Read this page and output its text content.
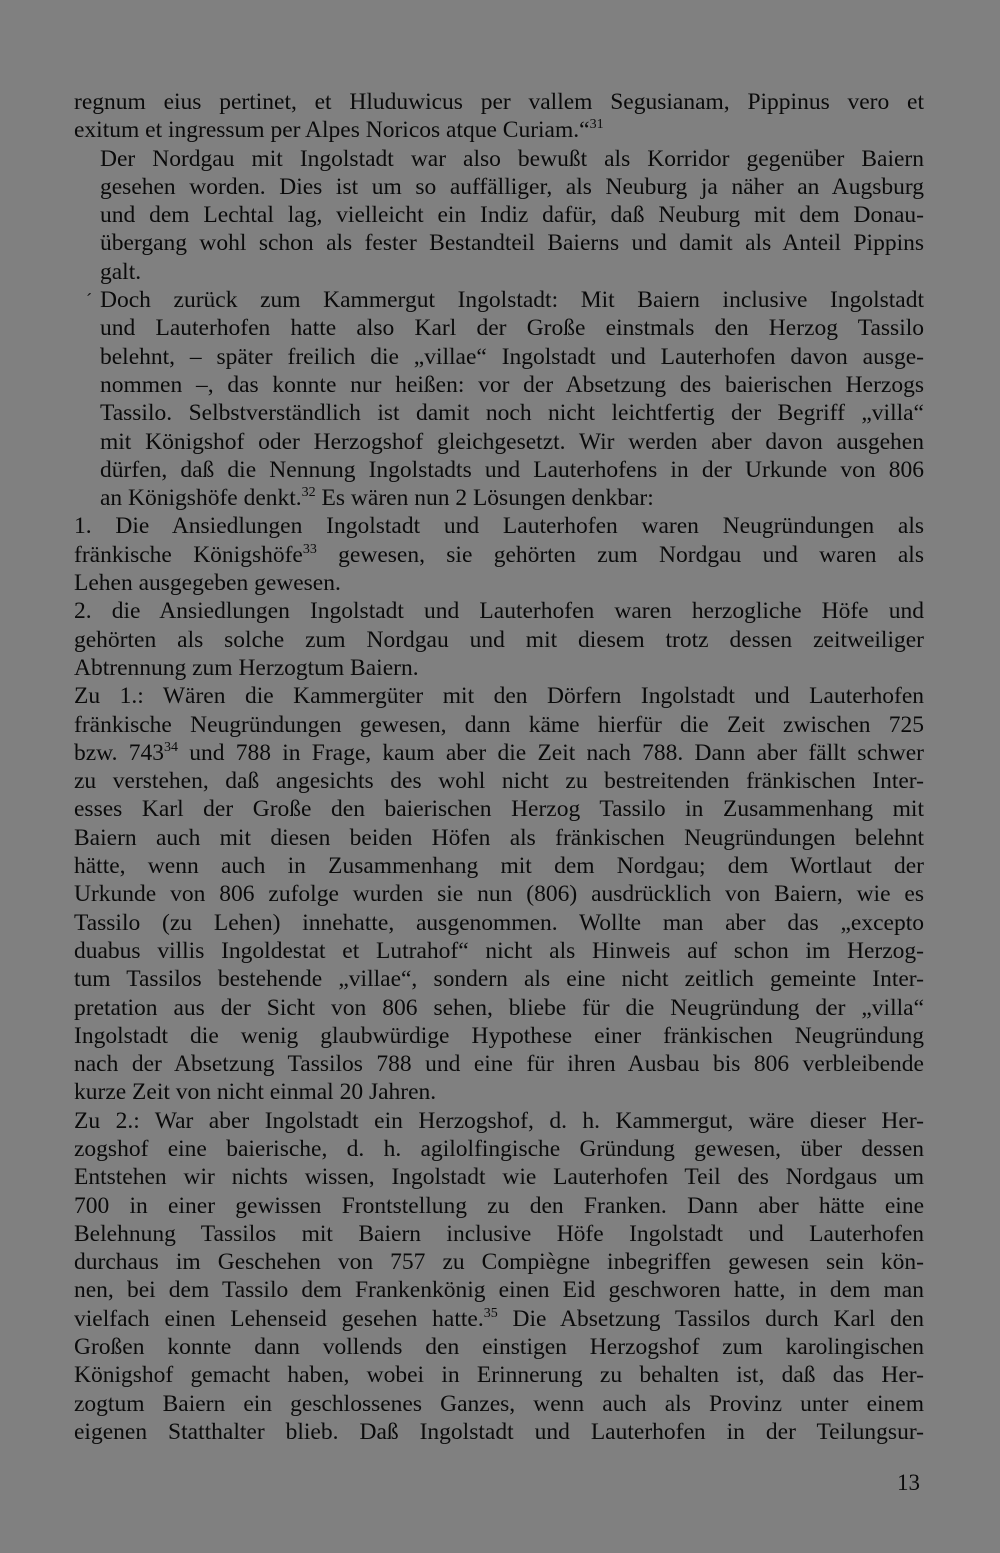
ˊ

regnum eius pertinet, et Hluduwicus per vallem Segusianam, Pippinus vero et
exitum et ingressum per Alpes Noricos atque Curiam.“$^{31}$

Der Nordgau mit Ingolstadt war also bewußt als Korridor gegenüber Baiern
gesehen worden. Dies ist um so auffälliger, als Neuburg ja näher an Augsburg
und dem Lechtal lag, vielleicht ein Indiz dafür, daß Neuburg mit dem Donau-
übergang wohl schon als fester Bestandteil Baierns und damit als Anteil Pippins
galt.

Doch zurück zum Kammergut Ingolstadt: Mit Baiern inclusive Ingolstadt
und Lauterhofen hatte also Karl der Große einstmals den Herzog Tassilo
belehnt, – später freilich die „villae“ Ingolstadt und Lauterhofen davon ausge-
nommen –, das konnte nur heißen: vor der Absetzung des baierischen Herzogs
Tassilo. Selbstverständlich ist damit noch nicht leichtfertig der Begriff „villa“
mit Königshof oder Herzogshof gleichgesetzt. Wir werden aber davon ausgehen
dürfen, daß die Nennung Ingolstadts und Lauterhofens in der Urkunde von 806
an Königshöfe denkt.$^{32}$ Es wären nun 2 Lösungen denkbar:

1. Die Ansiedlungen Ingolstadt und Lauterhofen waren Neugründungen als
fränkische Königshöfe$^{33}$ gewesen, sie gehörten zum Nordgau und waren als
Lehen ausgegeben gewesen.

2. die Ansiedlungen Ingolstadt und Lauterhofen waren herzogliche Höfe und
gehörten als solche zum Nordgau und mit diesem trotz dessen zeitweiliger
Abtrennung zum Herzogtum Baiern.

Zu 1.: Wären die Kammergüter mit den Dörfern Ingolstadt und Lauterhofen
fränkische Neugründungen gewesen, dann käme hierfür die Zeit zwischen 725
bzw. $743^{34}$ und 788 in Frage, kaum aber die Zeit nach 788. Dann aber fällt schwer
zu verstehen, daß angesichts des wohl nicht zu bestreitenden fränkischen Inter-
esses Karl der Große den baierischen Herzog Tassilo in Zusammenhang mit
Baiern auch mit diesen beiden Höfen als fränkischen Neugründungen belehnt
hätte, wenn auch in Zusammenhang mit dem Nordgau; dem Wortlaut der
Urkunde von 806 zufolge wurden sie nun (806) ausdrücklich von Baiern, wie es
Tassilo (zu Lehen) innehatte, ausgenommen. Wollte man aber das „excepto
duabus villis Ingoldestat et Lutrahof“ nicht als Hinweis auf schon im Herzog-
tum Tassilos bestehende „villae“, sondern als eine nicht zeitlich gemeinte Inter-
pretation aus der Sicht von 806 sehen, bliebe für die Neugründung der „villa“
Ingolstadt die wenig glaubwürdige Hypothese einer fränkischen Neugründung
nach der Absetzung Tassilos 788 und eine für ihren Ausbau bis 806 verbleibende
kurze Zeit von nicht einmal 20 Jahren.

Zu 2.: War aber Ingolstadt ein Herzogshof, d. h. Kammergut, wäre dieser Her-
zogshof eine baierische, d. h. agilolfingische Gründung gewesen, über dessen
Entstehen wir nichts wissen, Ingolstadt wie Lauterhofen Teil des Nordgaus um
700 in einer gewissen Frontstellung zu den Franken. Dann aber hätte eine
Belehnung Tassilos mit Baiern inclusive Höfe Ingolstadt und Lauterhofen
durchaus im Geschehen von 757 zu Compiègne inbegriffen gewesen sein kön-
nen, bei dem Tassilo dem Frankenkönig einen Eid geschworen hatte, in dem man
vielfach einen Lehenseid gesehen hatte.$^{35}$ Die Absetzung Tassilos durch Karl den
Großen konnte dann vollends den einstigen Herzogshof zum karolingischen
Königshof gemacht haben, wobei in Erinnerung zu behalten ist, daß das Her-
zogtum Baiern ein geschlossenes Ganzes, wenn auch als Provinz unter einem
eigenen Statthalter blieb. Daß Ingolstadt und Lauterhofen in der Teilungsur-

13
